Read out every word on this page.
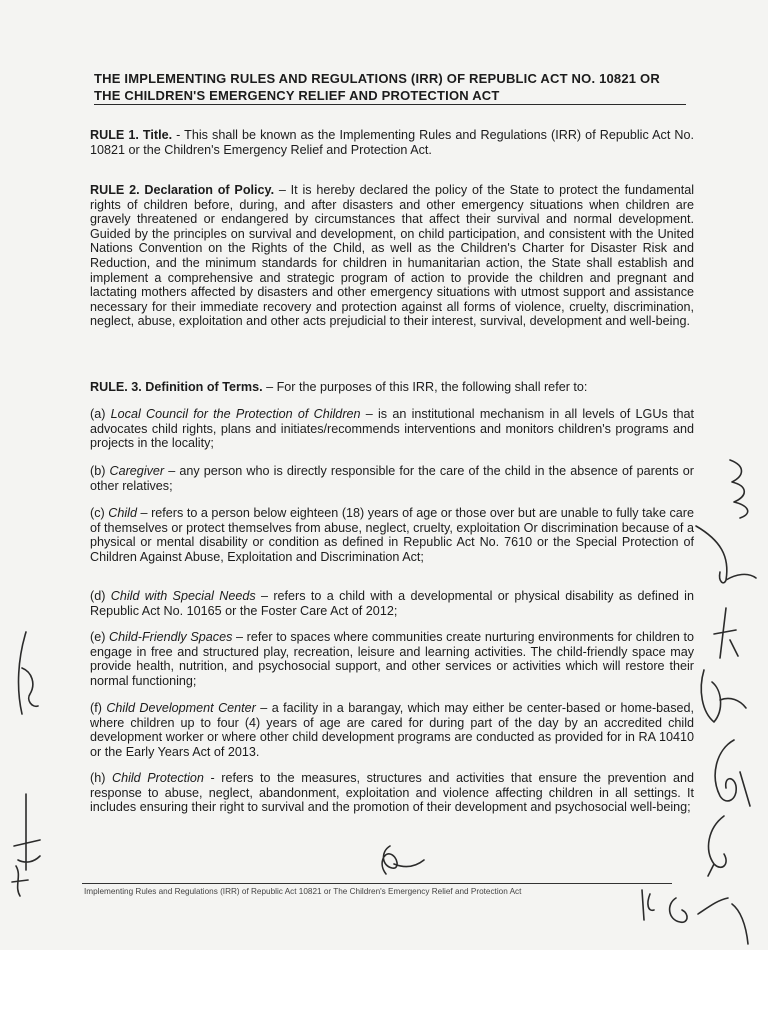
THE IMPLEMENTING RULES AND REGULATIONS (IRR) OF REPUBLIC ACT NO. 10821 OR THE CHILDREN'S EMERGENCY RELIEF AND PROTECTION ACT
RULE 1. Title. - This shall be known as the Implementing Rules and Regulations (IRR) of Republic Act No. 10821 or the Children's Emergency Relief and Protection Act.
RULE 2. Declaration of Policy. – It is hereby declared the policy of the State to protect the fundamental rights of children before, during, and after disasters and other emergency situations when children are gravely threatened or endangered by circumstances that affect their survival and normal development. Guided by the principles on survival and development, on child participation, and consistent with the United Nations Convention on the Rights of the Child, as well as the Children's Charter for Disaster Risk and Reduction, and the minimum standards for children in humanitarian action, the State shall establish and implement a comprehensive and strategic program of action to provide the children and pregnant and lactating mothers affected by disasters and other emergency situations with utmost support and assistance necessary for their immediate recovery and protection against all forms of violence, cruelty, discrimination, neglect, abuse, exploitation and other acts prejudicial to their interest, survival, development and well-being.
RULE. 3. Definition of Terms. – For the purposes of this IRR, the following shall refer to:
(a) Local Council for the Protection of Children – is an institutional mechanism in all levels of LGUs that advocates child rights, plans and initiates/recommends interventions and monitors children's programs and projects in the locality;
(b) Caregiver – any person who is directly responsible for the care of the child in the absence of parents or other relatives;
(c) Child – refers to a person below eighteen (18) years of age or those over but are unable to fully take care of themselves or protect themselves from abuse, neglect, cruelty, exploitation Or discrimination because of a physical or mental disability or condition as defined in Republic Act No. 7610 or the Special Protection of Children Against Abuse, Exploitation and Discrimination Act;
(d) Child with Special Needs – refers to a child with a developmental or physical disability as defined in Republic Act No. 10165 or the Foster Care Act of 2012;
(e) Child-Friendly Spaces – refer to spaces where communities create nurturing environments for children to engage in free and structured play, recreation, leisure and learning activities. The child-friendly space may provide health, nutrition, and psychosocial support, and other services or activities which will restore their normal functioning;
(f) Child Development Center – a facility in a barangay, which may either be center-based or home-based, where children up to four (4) years of age are cared for during part of the day by an accredited child development worker or where other child development programs are conducted as provided for in RA 10410 or the Early Years Act of 2013.
(h) Child Protection - refers to the measures, structures and activities that ensure the prevention and response to abuse, neglect, abandonment, exploitation and violence affecting children in all settings. It includes ensuring their right to survival and the promotion of their development and psychosocial well-being;
Implementing Rules and Regulations (IRR) of Republic Act 10821 or The Children's Emergency Relief and Protection Act
